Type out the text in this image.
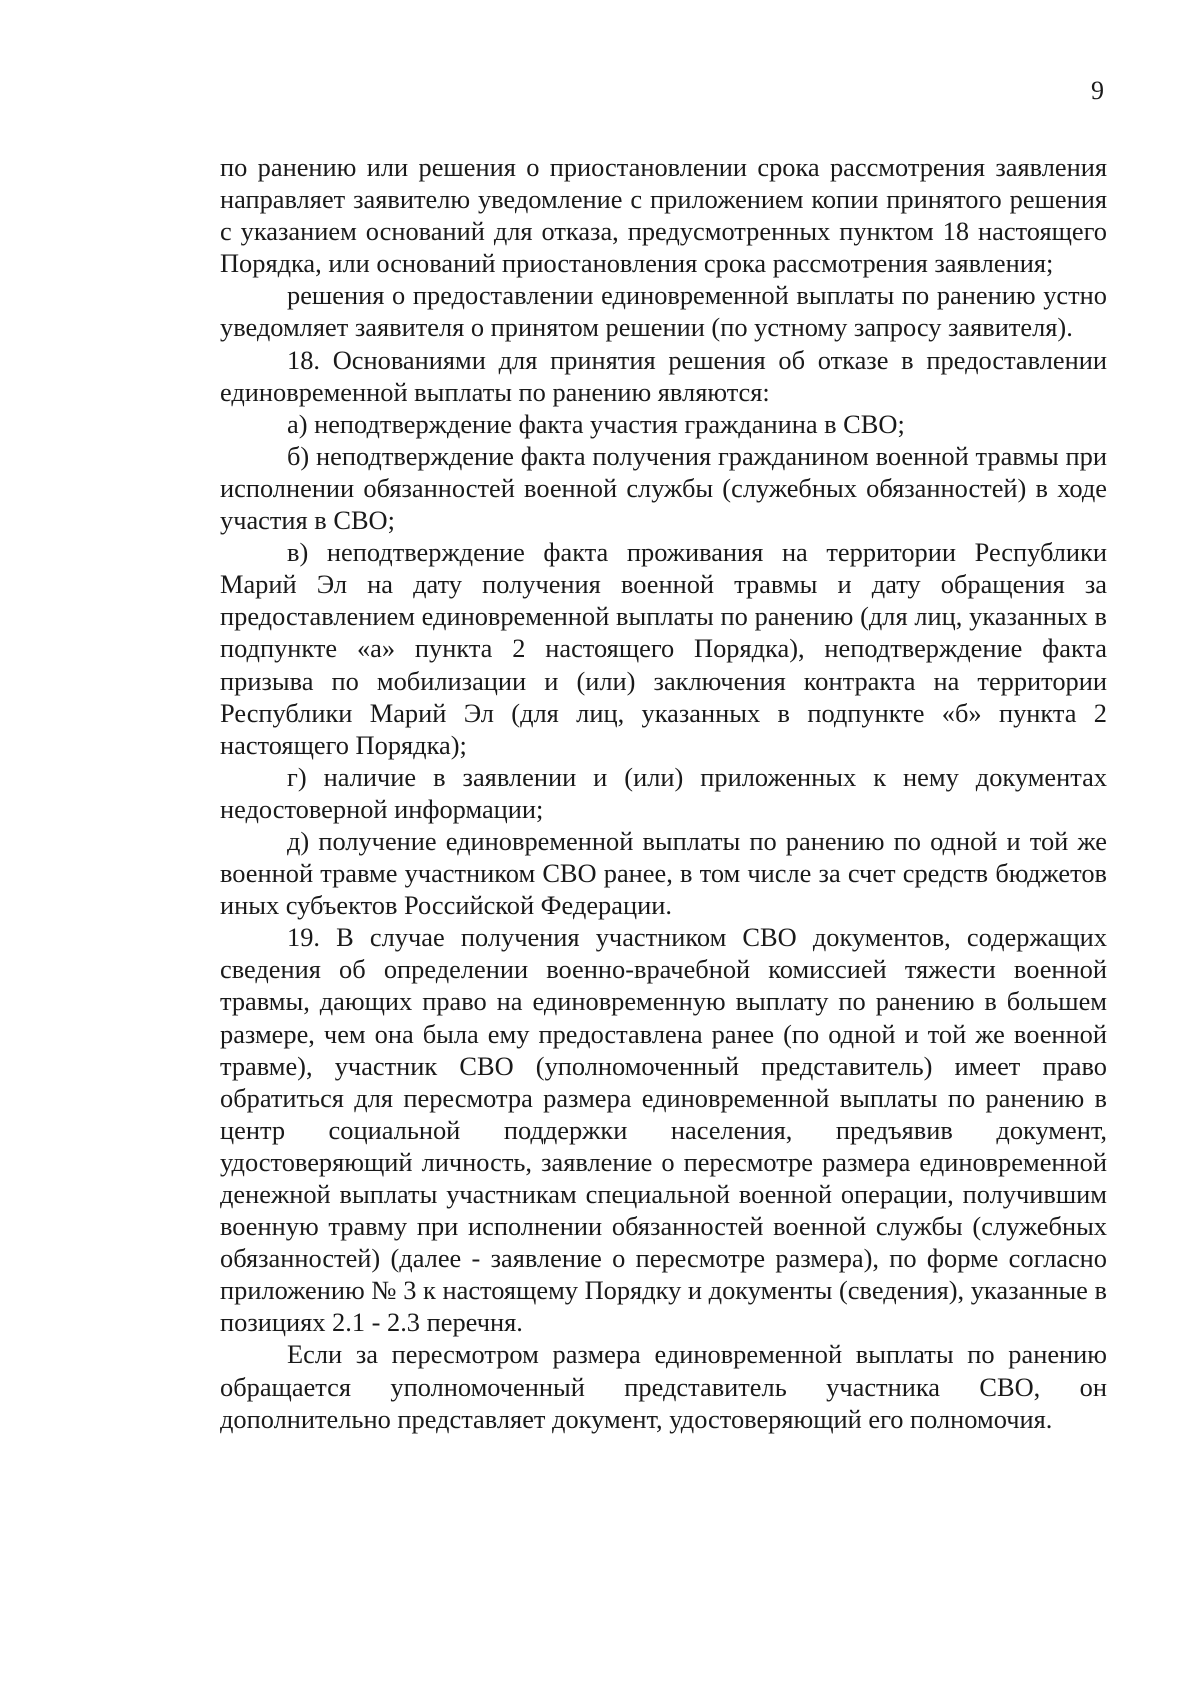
9

по ранению или решения о приостановлении срока рассмотрения заявления направляет заявителю уведомление с приложением копии принятого решения с указанием оснований для отказа, предусмотренных пунктом 18 настоящего Порядка, или оснований приостановления срока рассмотрения заявления;

решения о предоставлении единовременной выплаты по ранению устно уведомляет заявителя о принятом решении (по устному запросу заявителя).

18. Основаниями для принятия решения об отказе в предоставлении единовременной выплаты по ранению являются:

а) неподтверждение факта участия гражданина в СВО;

б) неподтверждение факта получения гражданином военной травмы при исполнении обязанностей военной службы (служебных обязанностей) в ходе участия в СВО;

в) неподтверждение факта проживания на территории Республики Марий Эл на дату получения военной травмы и дату обращения за предоставлением единовременной выплаты по ранению (для лиц, указанных в подпункте «а» пункта 2 настоящего Порядка), неподтверждение факта призыва по мобилизации и (или) заключения контракта на территории Республики Марий Эл (для лиц, указанных в подпункте «б» пункта 2 настоящего Порядка);

г) наличие в заявлении и (или) приложенных к нему документах недостоверной информации;

д) получение единовременной выплаты по ранению по одной и той же военной травме участником СВО ранее, в том числе за счет средств бюджетов иных субъектов Российской Федерации.

19. В случае получения участником СВО документов, содержащих сведения об определении военно-врачебной комиссией тяжести военной травмы, дающих право на единовременную выплату по ранению в большем размере, чем она была ему предоставлена ранее (по одной и той же военной травме), участник СВО (уполномоченный представитель) имеет право обратиться для пересмотра размера единовременной выплаты по ранению в центр социальной поддержки населения, предъявив документ, удостоверяющий личность, заявление о пересмотре размера единовременной денежной выплаты участникам специальной военной операции, получившим военную травму при исполнении обязанностей военной службы (служебных обязанностей) (далее - заявление о пересмотре размера), по форме согласно приложению № 3 к настоящему Порядку и документы (сведения), указанные в позициях 2.1 - 2.3 перечня.

Если за пересмотром размера единовременной выплаты по ранению обращается уполномоченный представитель участника СВО, он дополнительно представляет документ, удостоверяющий его полномочия.
